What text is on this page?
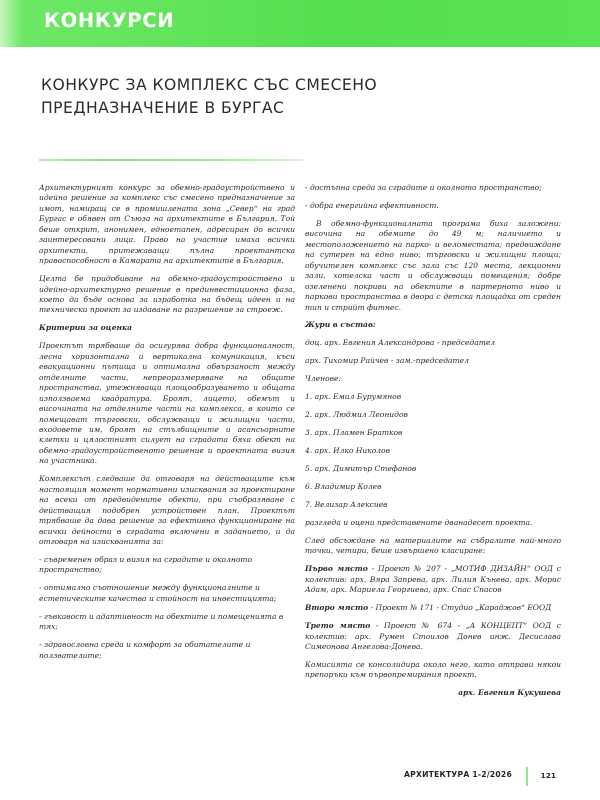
КОНКУРСИ
КОНКУРС ЗА КОМПЛЕКС СЪС СМЕСЕНО
ПРЕДНАЗНАЧЕНИЕ В БУРГАС

Архитектурният конкурс за обемно-градоустройствено и идейно решение за комплекс със смесено предназначение за имот, намиращ се в промишлената зона „Север“ на град Бургас е обявен от Съюза на архитектите в България. Той беше открит, анонимен, едноетапен, адресиран до всички заинтересовани лица. Право на участие имаха всички архитекти, притежаващи пълна проектантска правоспособност в Камарата на архитектите в България.

Целта бе придобиване на обемно-градоустройствено и идейно-архитектурно решение в прединвестиционна фаза, което да бъде основа за изработка на бъдещ идеен и на технически проект за издаване на разрешение за строеж.

Критерии за оценка

Проектът трябваше да осигурява добра функционалност, лесна хоризонтална и вертикална комуникация, къси евакуационни пътища и оптимална обвързаност между отделните части, непреоразмеряване на общите пространства, утежняващи площообразуването и общата използваема квадратура. Броят, лицето, обемът и височината на отделните части на комплекса, в които се помещават търговски, обслужващи и жилищни части, входовете им, броят на стълбищните и асансьорните клетки и цялостният силует на сградата бяха обект на обемно-градоустройственото решение и проектната визия на участника.

Комплексът следваше да отговаря на действащите към настоящия момент нормативни изисквания за проектиране на всеки от предвидените обекти, при съобразяване с действащия подобрен устройствен план. Проектът трябваше да дава решение за ефективно функциониране на всички дейности в сградата включени в заданието, и да отговаря на изискванията за:

- съвременен образ и визия на сградите и околното пространство;

- оптимално съотношение между функционалните и естетическите качества и стойност на инвестицията;

- гъвкавост и адаптивност на обектите и помещенията в тях;

- здравословна среда и комфорт за обитателите и ползвателите;

- достъпна среда за сградите и околното пространство;

- добра енергийна ефективност.

В обемно-функционалната програма биха заложени: височина на обемите до 49 м; наличието и местоположението на парко- и веломестата; предвиждане на сутерен на едно ниво; търговски и жилищни площи; обучителен комплекс със зала със 120 места, лекционни зали, хотелска част и обслужващи помещения; добре озеленени покриви на обектите в партерното ниво и паркови пространства в двора с детска площадка от среден тип и стрийт фитнес.

Жури в състав:

доц. арх. Евгения Александрова - председател

арх. Тихомир Райчев - зам.-председател

Членове:

1. арх. Емил Бурумянов

2. арх. Людмил Леонидов

3. арх. Пламен Братков

4. арх. Илко Николов

5. арх. Димитър Стефанов

6. Владимир Колев

7. Велизар Алексиев

разгледа и оцени представените дванадесет проекта.

След обсъждане на материалите на събралите най-много точки, четири, беше извършено класиране:

Първо място - Проект № 207 - „МОТИФ ДИЗАЙН“ ООД с колектив: арх. Вяра Запрева, арх. Лилия Кънева, арх. Морис Адам, арх. Мариела Георгиева, арх. Спас Спасов

Второ място - Проект № 171 - Студио „Караджов“ ЕООД

Трето място - Проект № 674 - „А КОНЦЕПТ“ ООД с колектив: арх. Румен Стоилов Донев инж. Десислава Симеонова Ангелова-Донева.

Комисията се консолидира около него, като отправи някои препоръки към първопремирания проект.

арх. Евгения Кукушева

АРХИТЕКТУРА 1-2/2026	121
